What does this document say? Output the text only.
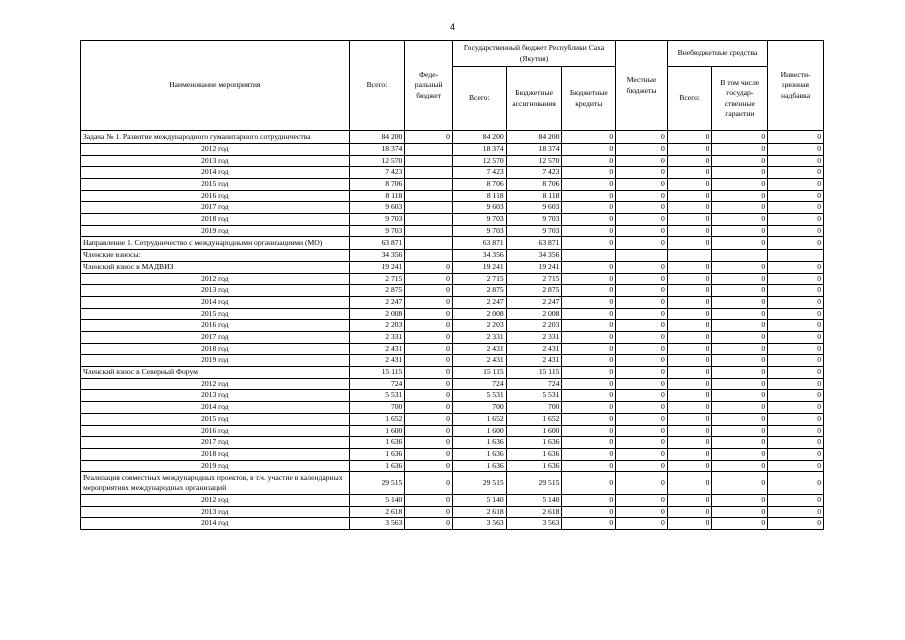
4
Наименование мероприятия	Всего:	Феде-ральный бюджет	Государственный бюджет Республики Саха (Якутия)			Местные бюджеты	Внебюджетные средства		Инвести-ционная надбавка

			Всего:	Бюджетные ассигнования	Бюджетные кредиты		Всего:	В том числе государ-ственные гарантии	
Задача № 1. Развитие международного гуманитарного сотрудничества	84 200	0	84 200	84 200	0	0	0	0	0
2012 год	18 374		18 374	18 374	0	0	0	0	0
2013 год	12 570		12 570	12 570	0	0	0	0	0
2014 год	7 423		7 423	7 423	0	0	0	0	0
2015 год	8 706		8 706	8 706	0	0	0	0	0
2016 год	8 118		8 118	8 118	0	0	0	0	0
2017 год	9 603		9 603	9 603	0	0	0	0	0
2018 год	9 703		9 703	9 703	0	0	0	0	0
2019 год	9 703		9 703	9 703	0	0	0	0	0
Направление 1. Сотрудничество с международными организациями (МО)	63 871		63 871	63 871	0	0	0	0	0
Членские взносы:	34 356		34 356	34 356					
Членский взнос в МАДВИЗ	19 241	0	19 241	19 241	0	0	0	0	0
2012 год	2 715	0	2 715	2 715	0	0	0	0	0
2013 год	2 875	0	2 875	2 875	0	0	0	0	0
2014 год	2 247	0	2 247	2 247	0	0	0	0	0
2015 год	2 008	0	2 008	2 008	0	0	0	0	0
2016 год	2 203	0	2 203	2 203	0	0	0	0	0
2017 год	2 331	0	2 331	2 331	0	0	0	0	0
2018 год	2 431	0	2 431	2 431	0	0	0	0	0
2019 год	2 431	0	2 431	2 431	0	0	0	0	0
Членский взнос в Северный Форум	15 115	0	15 115	15 115	0	0	0	0	0
2012 год	724	0	724	724	0	0	0	0	0
2013 год	5 531	0	5 531	5 531	0	0	0	0	0
2014 год	700	0	700	700	0	0	0	0	0
2015 год	1 652	0	1 652	1 652	0	0	0	0	0
2016 год	1 600	0	1 600	1 600	0	0	0	0	0
2017 год	1 636	0	1 636	1 636	0	0	0	0	0
2018 год	1 636	0	1 636	1 636	0	0	0	0	0
2019 год	1 636	0	1 636	1 636	0	0	0	0	0
Реализация совместных международных проектов, в т.ч. участие в календарных мероприятиях международных организаций	29 515	0	29 515	29 515	0	0	0	0	0
2012 год	5 140	0	5 140	5 140	0	0	0	0	0
2013 год	2 618	0	2 618	2 618	0	0	0	0	0
2014 год	3 563	0	3 563	3 563	0	0	0	0	0
